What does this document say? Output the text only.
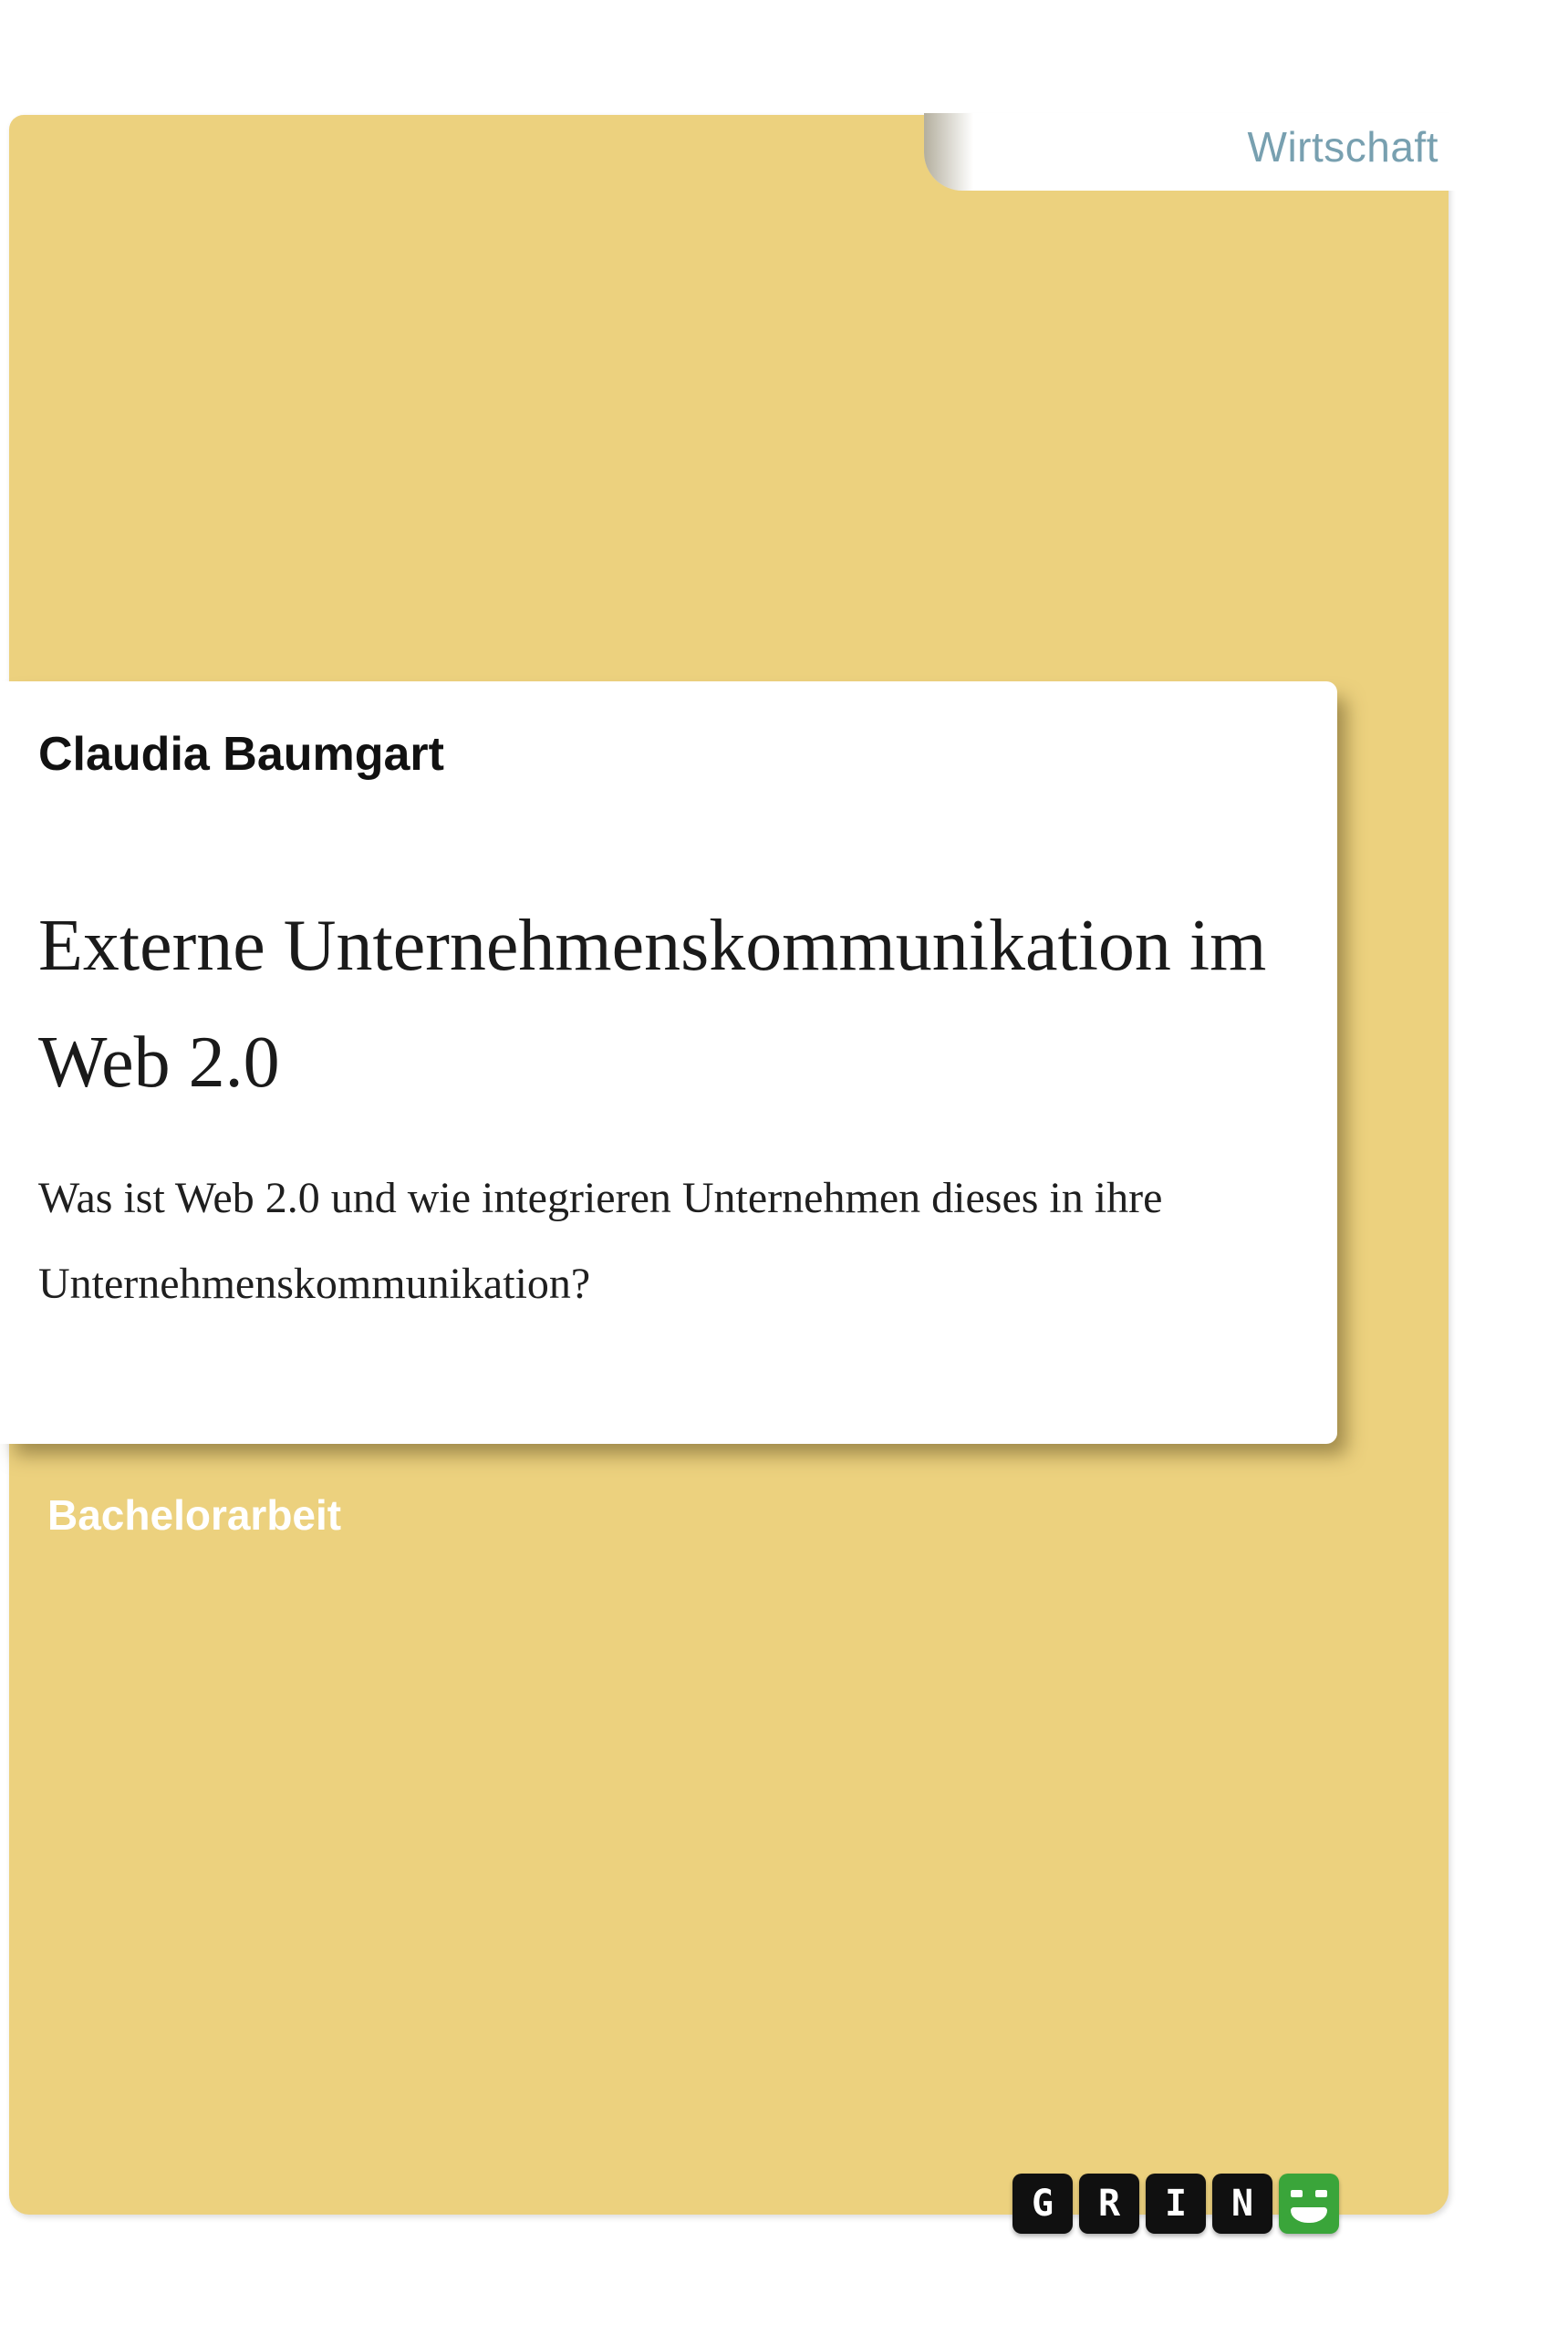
Wirtschaft
Claudia Baumgart
Externe Unternehmenskommunikation im
Web 2.0
Was ist Web 2.0 und wie integrieren Unternehmen dieses in ihre
Unternehmenskommunikation?
Bachelorarbeit
G	R	I	N
